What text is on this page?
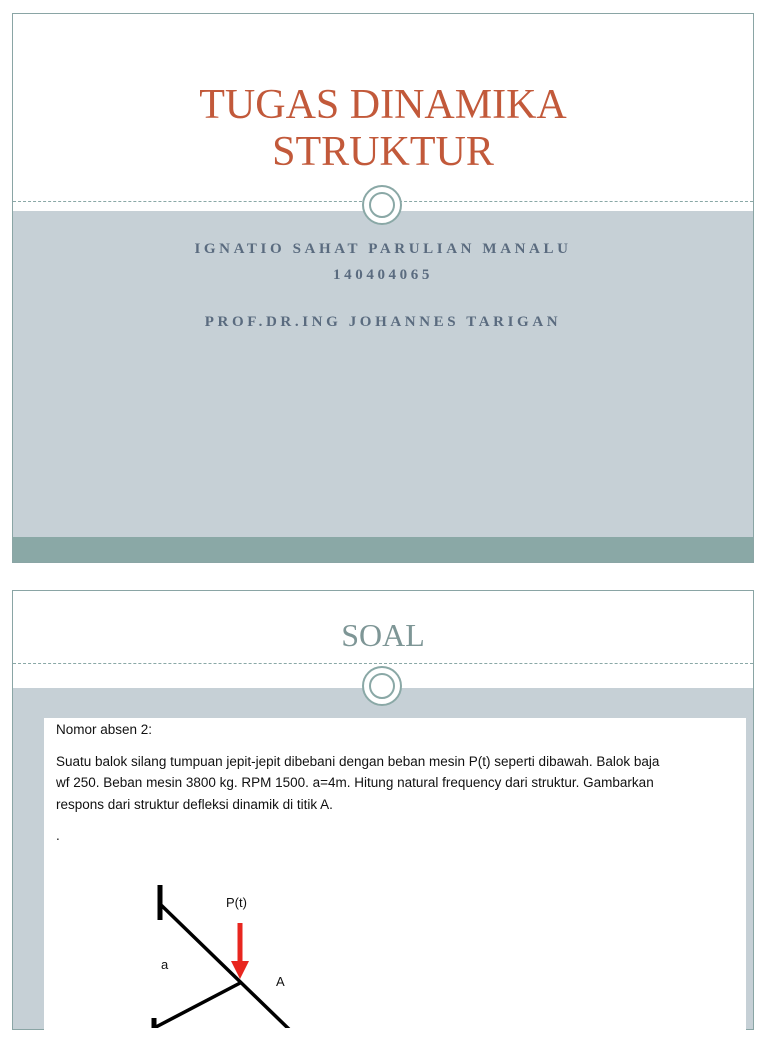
TUGAS DINAMIKA
STRUKTUR
IGNATIO SAHAT PARULIAN MANALU
140404065
PROF.DR.ING JOHANNES TARIGAN
SOAL
Nomor absen 2:
Suatu balok silang tumpuan jepit-jepit dibebani dengan beban mesin P(t) seperti dibawah. Balok baja
wf 250. Beban mesin 3800 kg. RPM 1500. a=4m. Hitung natural frequency dari struktur. Gambarkan
respons dari struktur defleksi dinamik di titik A.
.
P(t)
a
A
